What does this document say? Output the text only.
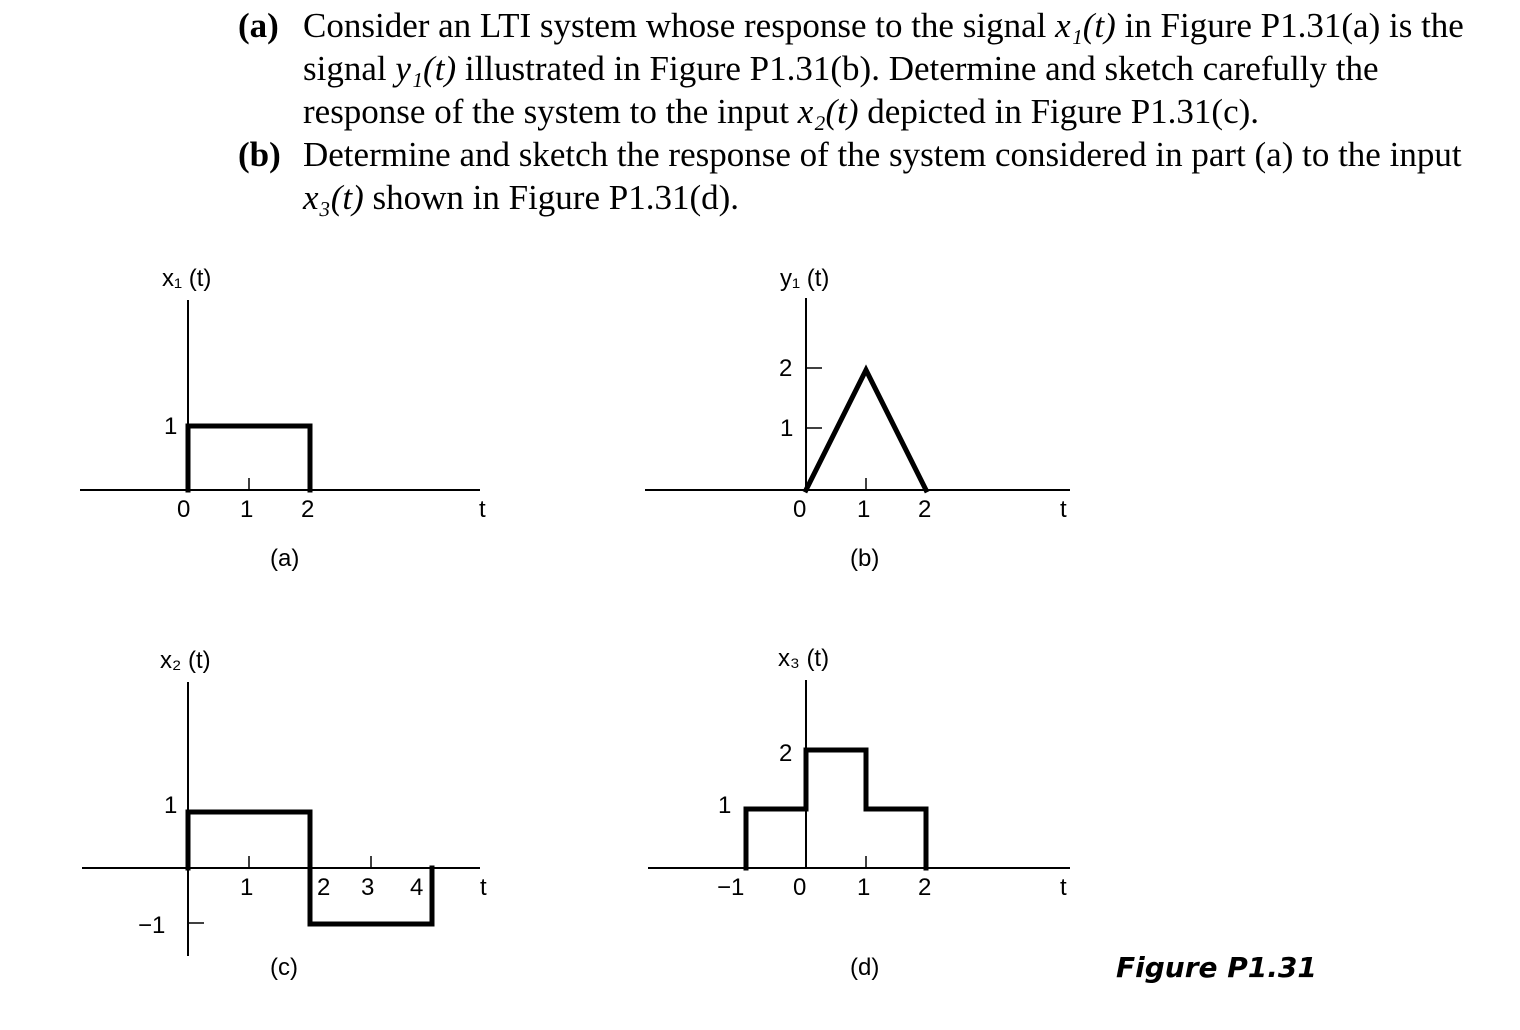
(a) Consider an LTI system whose response to the signal x₁(t) in Figure P1.31(a) is the signal y₁(t) illustrated in Figure P1.31(b). Determine and sketch carefully the response of the system to the input x₂(t) depicted in Figure P1.31(c).
(b) Determine and sketch the response of the system considered in part (a) to the input x₃(t) shown in Figure P1.31(d).
x₁ (t)
1
0 1 2	t
(a)
y₁ (t)
2
1
0 1 2	t
(b)
x₂ (t)
1
−1
1	2 3 4 t
(c)
x₃ (t)
2
1
−1 0 1 2	t
(d)	Figure P1.31
